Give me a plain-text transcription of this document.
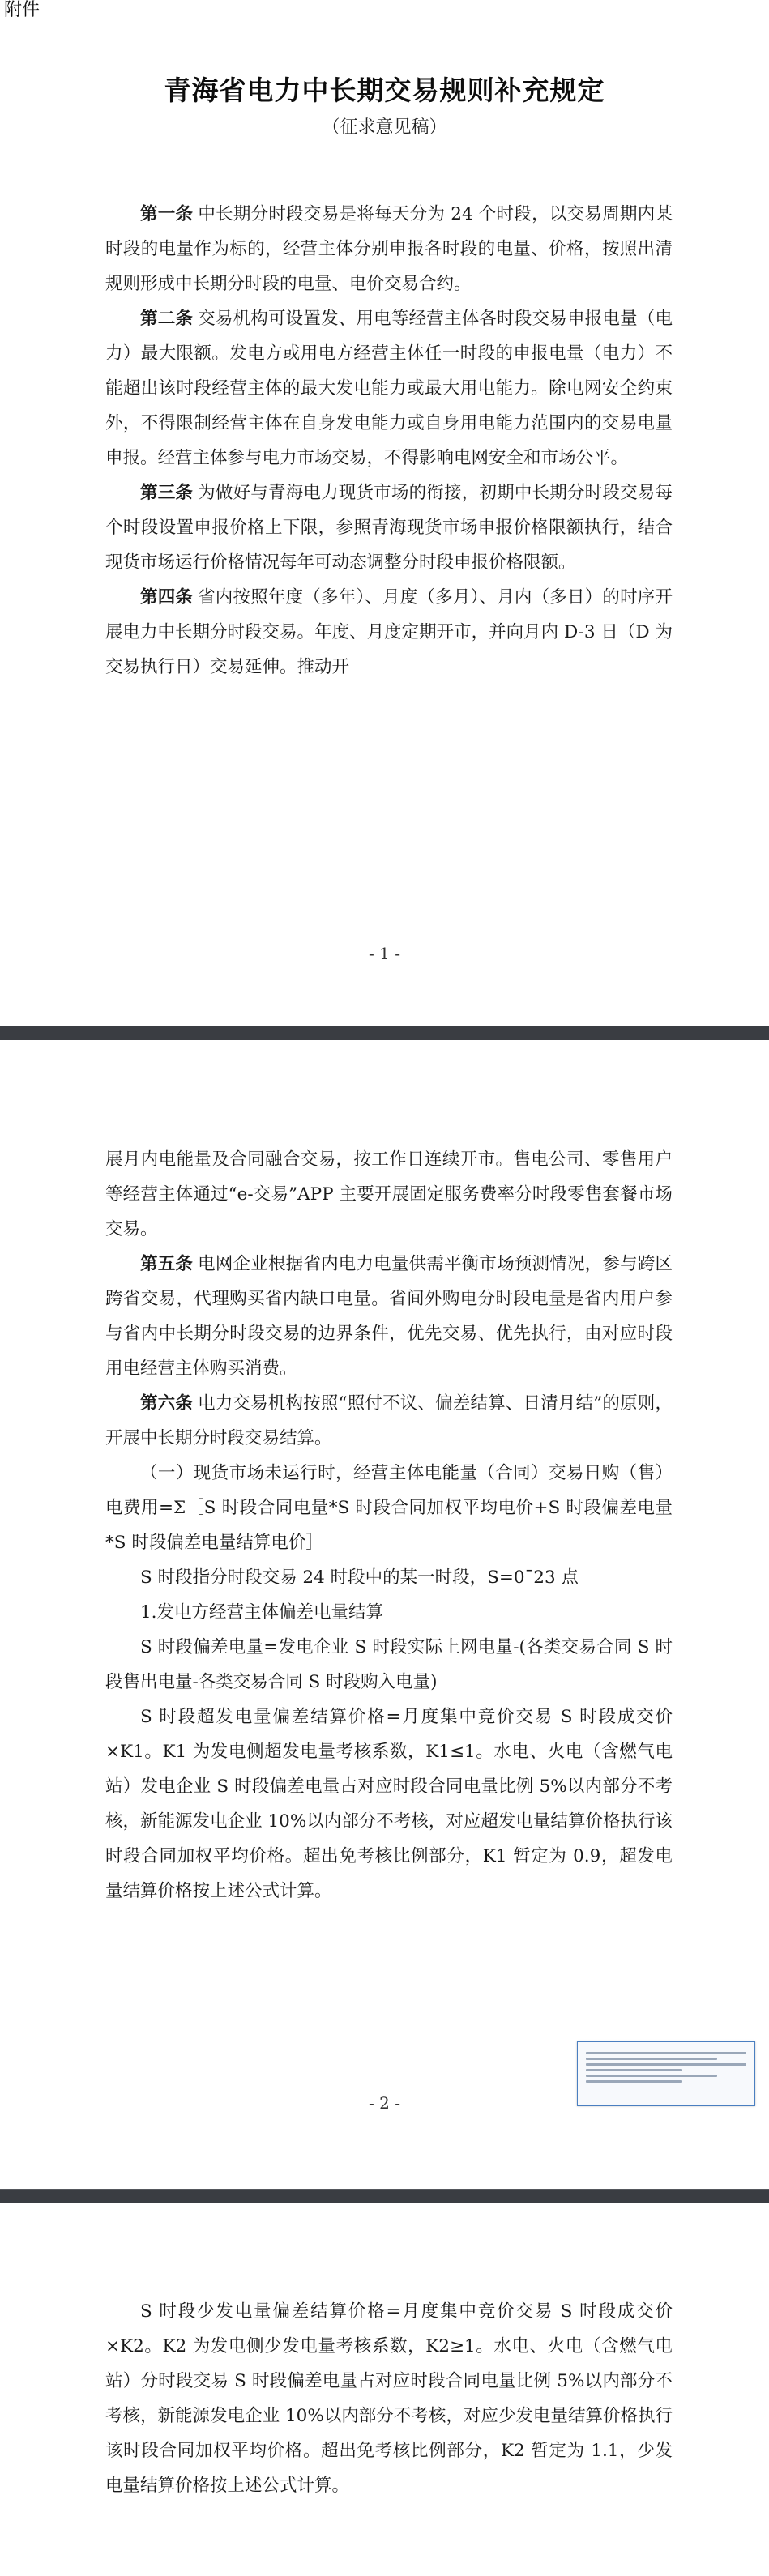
附件
青海省电力中长期交易规则补充规定
（征求意见稿）

第一条 中长期分时段交易是将每天分为 24 个时段，以交易周期内某时段的电量作为标的，经营主体分别申报各时段的电量、价格，按照出清规则形成中长期分时段的电量、电价交易合约。

第二条 交易机构可设置发、用电等经营主体各时段交易申报电量（电力）最大限额。发电方或用电方经营主体任一时段的申报电量（电力）不能超出该时段经营主体的最大发电能力或最大用电能力。除电网安全约束外，不得限制经营主体在自身发电能力或自身用电能力范围内的交易电量申报。经营主体参与电力市场交易，不得影响电网安全和市场公平。

第三条 为做好与青海电力现货市场的衔接，初期中长期分时段交易每个时段设置申报价格上下限，参照青海现货市场申报价格限额执行，结合现货市场运行价格情况每年可动态调整分时段申报价格限额。

第四条 省内按照年度（多年）、月度（多月）、月内（多日）的时序开展电力中长期分时段交易。年度、月度定期开市，并向月内 D-3 日（D 为交易执行日）交易延伸。推动开

- 1 -

展月内电能量及合同融合交易，按工作日连续开市。售电公司、零售用户等经营主体通过“e-交易”APP 主要开展固定服务费率分时段零售套餐市场交易。

第五条 电网企业根据省内电力电量供需平衡市场预测情况，参与跨区跨省交易，代理购买省内缺口电量。省间外购电分时段电量是省内用户参与省内中长期分时段交易的边界条件，优先交易、优先执行，由对应时段用电经营主体购买消费。

第六条 电力交易机构按照“照付不议、偏差结算、日清月结”的原则，开展中长期分时段交易结算。

（一）现货市场未运行时，经营主体电能量（合同）交易日购（售）电费用=Σ［S 时段合同电量*S 时段合同加权平均电价+S 时段偏差电量*S 时段偏差电量结算电价］

S 时段指分时段交易 24 时段中的某一时段，S=0¯23 点

1.发电方经营主体偏差电量结算

S 时段偏差电量=发电企业 S 时段实际上网电量-(各类交易合同 S 时段售出电量-各类交易合同 S 时段购入电量)

S 时段超发电量偏差结算价格=月度集中竞价交易 S 时段成交价×K1。K1 为发电侧超发电量考核系数，K1≤1。水电、火电（含燃气电站）发电企业 S 时段偏差电量占对应时段合同电量比例 5%以内部分不考核，新能源发电企业 10%以内部分不考核，对应超发电量结算价格执行该时段合同加权平均价格。超出免考核比例部分，K1 暂定为 0.9，超发电量结算价格按上述公式计算。

- 2 -

S 时段少发电量偏差结算价格=月度集中竞价交易 S 时段成交价×K2。K2 为发电侧少发电量考核系数，K2≥1。水电、火电（含燃气电站）分时段交易 S 时段偏差电量占对应时段合同电量比例 5%以内部分不考核，新能源发电企业 10%以内部分不考核，对应少发电量结算价格执行该时段合同加权平均价格。超出免考核比例部分，K2 暂定为 1.1，少发电量结算价格按上述公式计算。
